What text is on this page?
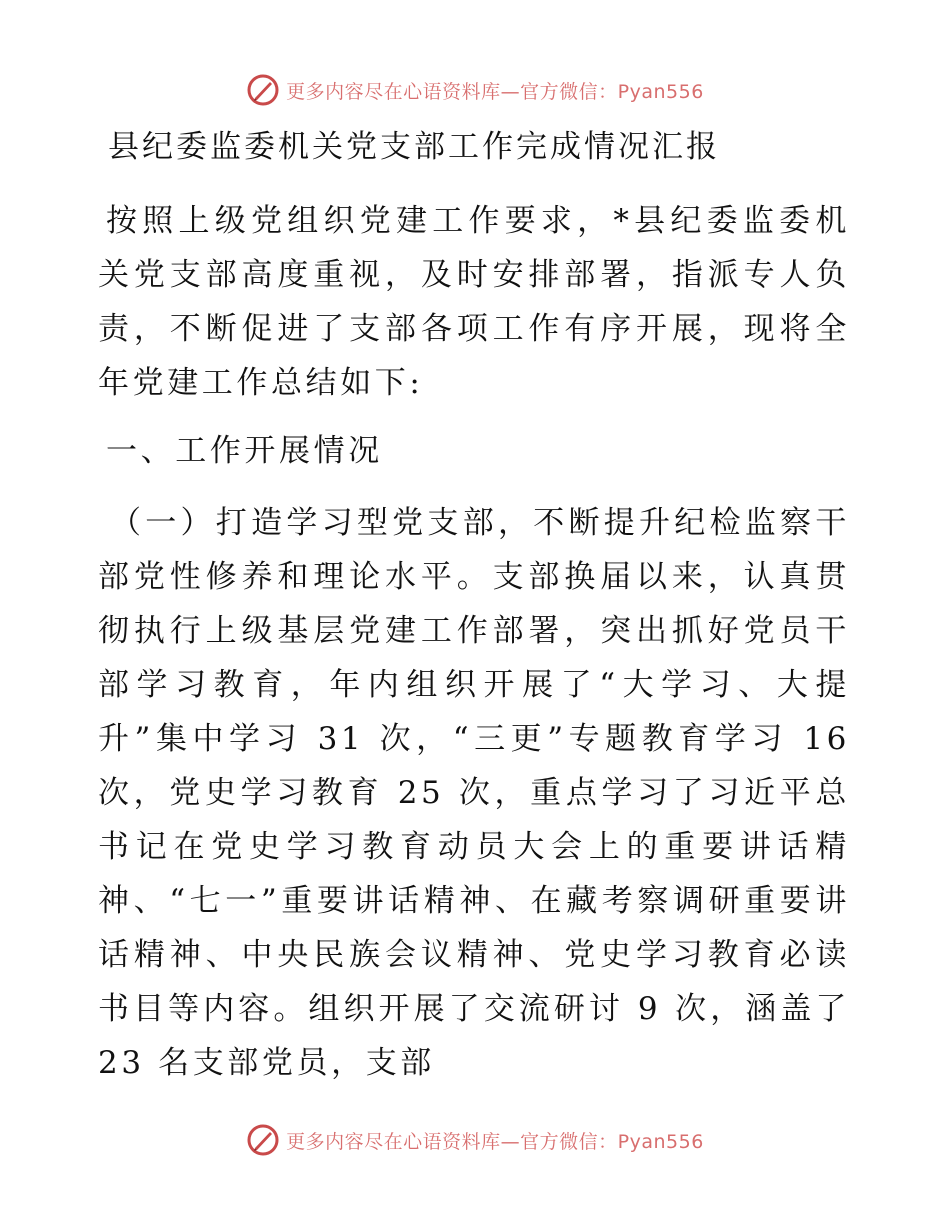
更多内容尽在心语资料库—官方微信：Pyan556
县纪委监委机关党支部工作完成情况汇报

按照上级党组织党建工作要求，*县纪委监委机关党支部高度重视，及时安排部署，指派专人负责，不断促进了支部各项工作有序开展，现将全年党建工作总结如下:

一、工作开展情况

（一）打造学习型党支部，不断提升纪检监察干部党性修养和理论水平。支部换届以来，认真贯彻执行上级基层党建工作部署，突出抓好党员干部学习教育，年内组织开展了“大学习、大提升”集中学习 31 次，“三更”专题教育学习 16 次，党史学习教育 25 次，重点学习了习近平总书记在党史学习教育动员大会上的重要讲话精神、“七一”重要讲话精神、在藏考察调研重要讲话精神、中央民族会议精神、党史学习教育必读书目等内容。组织开展了交流研讨 9 次，涵盖了 23 名支部党员，支部

更多内容尽在心语资料库—官方微信：Pyan556
